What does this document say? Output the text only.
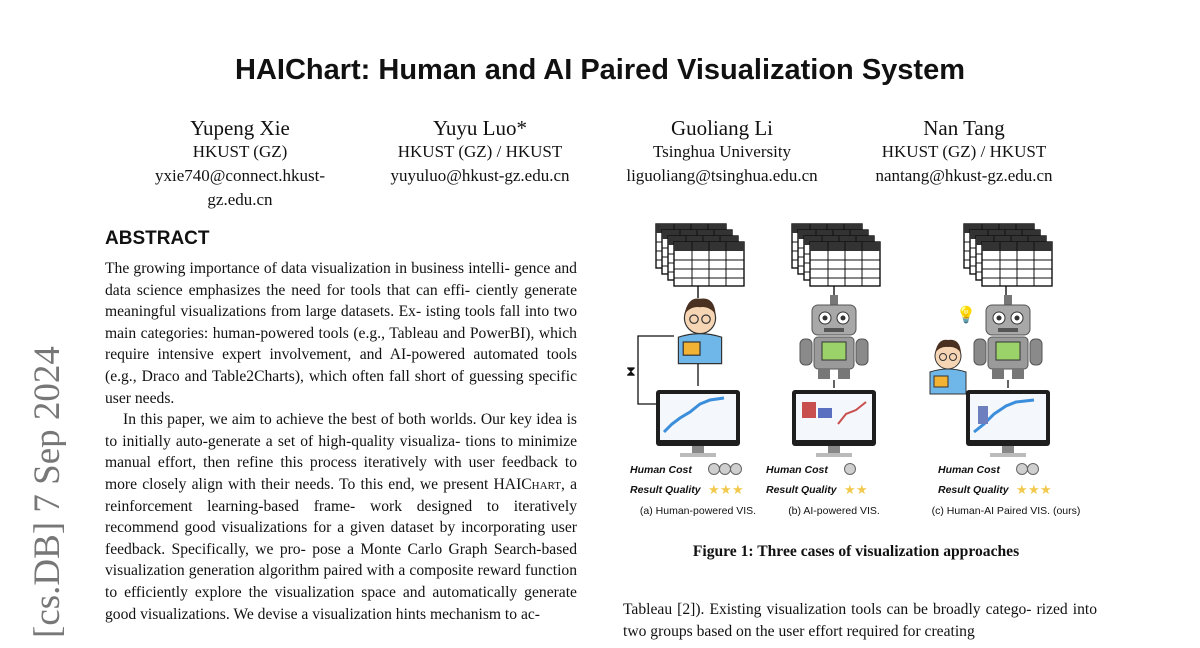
[cs.DB] 7 Sep 2024
HAIChart: Human and AI Paired Visualization System
Yupeng Xie
HKUST (GZ)
yxie740@connect.hkust-
gz.edu.cn
Yuyu Luo*
HKUST (GZ) / HKUST
yuyuluo@hkust-gz.edu.cn
Guoliang Li
Tsinghua University
liguoliang@tsinghua.edu.cn
Nan Tang
HKUST (GZ) / HKUST
nantang@hkust-gz.edu.cn
ABSTRACT

The growing importance of data visualization in business intelli- gence and data science emphasizes the need for tools that can effi- ciently generate meaningful visualizations from large datasets. Ex- isting tools fall into two main categories: human-powered tools (e.g., Tableau and PowerBI), which require intensive expert involvement, and AI-powered automated tools (e.g., Draco and Table2Charts), which often fall short of guessing specific user needs.

In this paper, we aim to achieve the best of both worlds. Our key idea is to initially auto-generate a set of high-quality visualiza- tions to minimize manual effort, then refine this process iteratively with user feedback to more closely align with their needs. To this end, we present HAIChart, a reinforcement learning-based frame- work designed to iteratively recommend good visualizations for a given dataset by incorporating user feedback. Specifically, we pro- pose a Monte Carlo Graph Search-based visualization generation algorithm paired with a composite reward function to efficiently explore the visualization space and automatically generate good visualizations. We devise a visualization hints mechanism to ac-

⧗
💡
Human Cost
Result Quality ★ ★ ★
(a) Human-powered VIS.
Human Cost
Result Quality ★ ★
(b) AI-powered VIS.
Human Cost
Result Quality ★ ★ ★
(c) Human-AI Paired VIS. (ours)
Figure 1: Three cases of visualization approaches

Tableau [2]). Existing visualization tools can be broadly catego- rized into two groups based on the user effort required for creating
